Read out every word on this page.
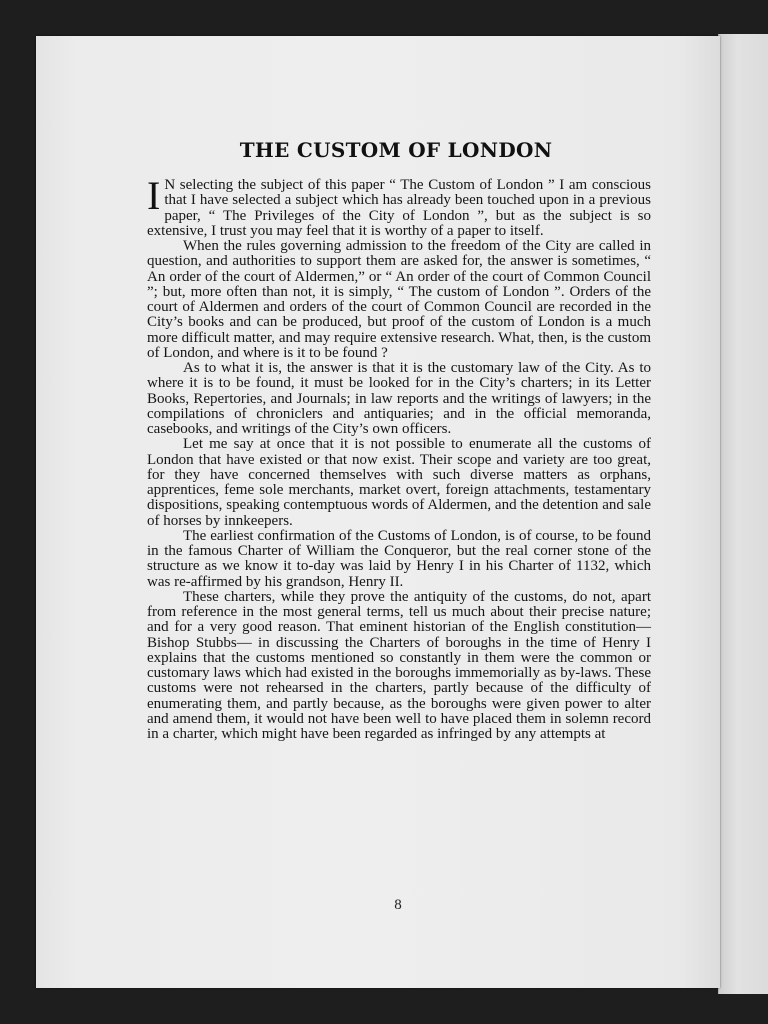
THE CUSTOM OF LONDON

I N selecting the subject of this paper “ The Custom of London ” I am conscious that I have selected a subject which has already been touched upon in a previous paper, “ The Privileges of the City of London ”, but as the subject is so extensive, I trust you may feel that it is worthy of a paper to itself.

When the rules governing admission to the freedom of the City are called in question, and authorities to support them are asked for, the answer is sometimes, “ An order of the court of Aldermen,” or “ An order of the court of Common Council ”; but, more often than not, it is simply, “ The custom of London ”. Orders of the court of Aldermen and orders of the court of Common Council are recorded in the City’s books and can be produced, but proof of the custom of London is a much more difficult matter, and may require extensive research. What, then, is the custom of London, and where is it to be found ?

As to what it is, the answer is that it is the customary law of the City. As to where it is to be found, it must be looked for in the City’s charters; in its Letter Books, Repertories, and Journals; in law reports and the writings of lawyers; in the compilations of chroniclers and antiquaries; and in the official memoranda, casebooks, and writings of the City’s own officers.

Let me say at once that it is not possible to enumerate all the customs of London that have existed or that now exist. Their scope and variety are too great, for they have concerned themselves with such diverse matters as orphans, apprentices, feme sole merchants, market overt, foreign attachments, testamentary dispositions, speaking contemptuous words of Aldermen, and the detention and sale of horses by innkeepers.

The earliest confirmation of the Customs of London, is of course, to be found in the famous Charter of William the Conqueror, but the real corner stone of the structure as we know it to-day was laid by Henry I in his Charter of 1132, which was re-affirmed by his grandson, Henry II.

These charters, while they prove the antiquity of the customs, do not, apart from reference in the most general terms, tell us much about their precise nature; and for a very good reason. That eminent historian of the English constitution—Bishop Stubbs— in discussing the Charters of boroughs in the time of Henry I explains that the customs mentioned so constantly in them were the common or customary laws which had existed in the boroughs immemorially as by-laws. These customs were not rehearsed in the charters, partly because of the difficulty of enumerating them, and partly because, as the boroughs were given power to alter and amend them, it would not have been well to have placed them in solemn record in a charter, which might have been regarded as infringed by any attempts at

8
